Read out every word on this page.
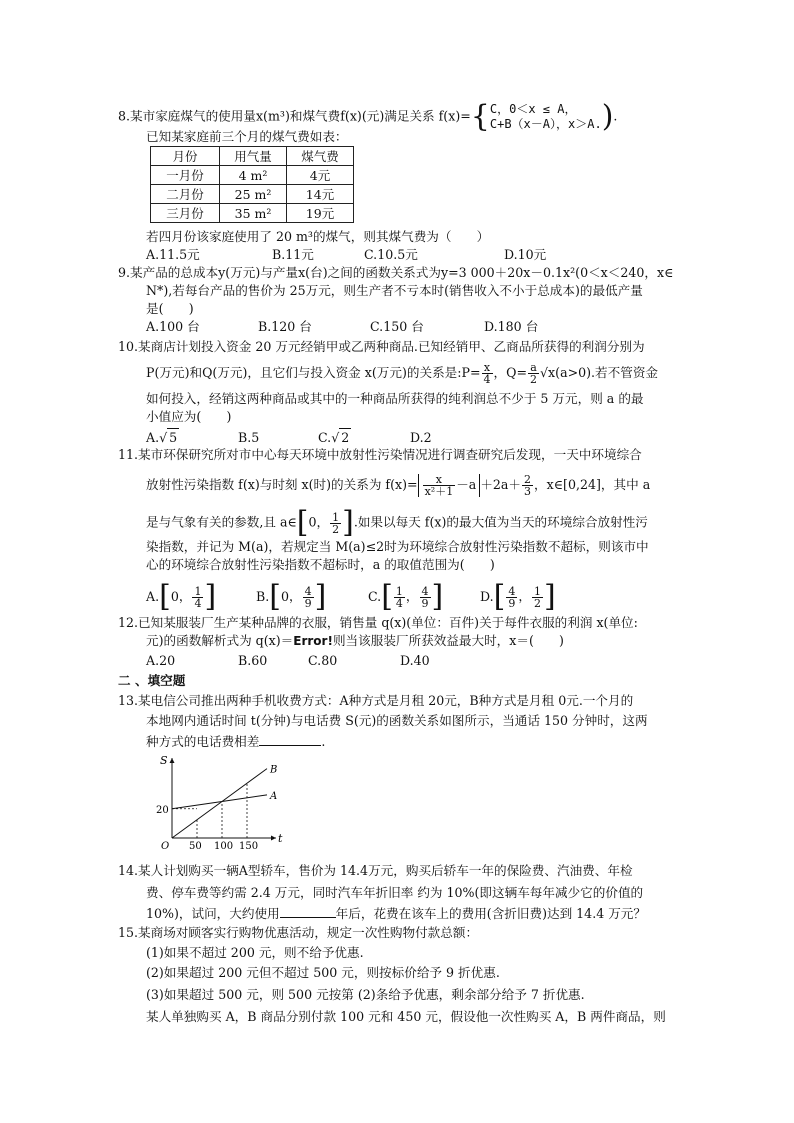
8.某市家庭煤气的使用量x(m³)和煤气费f(x)(元)满足关系 f(x)={ C，0＜x ≤ A，
C+B（x－A），x＞A. ).
已知某家庭前三个月的煤气费如表：
月份	用气量	煤气费
一月份	4 m²	4元
二月份	25 m²	14元
三月份	35 m²	19元
若四月份该家庭使用了 20 m³的煤气，则其煤气费为（　　）
A.11.5元	B.11元	C.10.5元	D.10元
9.某产品的总成本y(万元)与产量x(台)之间的函数关系式为y=3 000＋20x－0.1x²(0＜x＜240，x∈
N*),若每台产品的售价为 25万元，则生产者不亏本时(销售收入不小于总成本)的最低产量
是(　　)
A.100 台	B.120 台	C.150 台	D.180 台
10.某商店计划投入资金 20 万元经销甲或乙两种商品.已知经销甲、乙商品所获得的利润分别为
P(万元)和Q(万元)，且它们与投入资金 x(万元)的关系是:P= $\frac{x}{4}$ ，$Q= \frac{a}{2} √x(a>0)$.若不管资金
如何投入，经销这两种商品或其中的一种商品所获得的纯利润总不少于 5 万元，则 a 的最
小值应为(　　)
A.√ 5	B.5	C.√ 2	D.2
11.某市环保研究所对市中心每天环境中放射性污染情况进行调查研究后发现，一天中环境综合
放射性污染指数 f(x)与时刻 x(时)的关系为 $f(x)= \frac{x}{\text{x²＋1}} -a +2a+ \frac{2}{3}$ ，x∈[0,24]，其中 a
是与气象有关的参数,且 a∈[0， $\frac{1}{2}$ ].如果以每天 f(x)的最大值为当天的环境综合放射性污
染指数，并记为 M(a)，若规定当 M(a)≤2时为环境综合放射性污染指数不超标，则该市中
心的环境综合放射性污染指数不超标时，a 的取值范围为(　　)
A.[0， $\frac{1}{4}$ ]	B.[0， $\frac{4}{9}$ ]	$C.[ \frac{1}{4}$ ， $\frac{4}{9}$ ]	$D.[ \frac{4}{9}$ ， $\frac{1}{2}$ ]
12.已知某服装厂生产某种品牌的衣服，销售量 q(x)(单位：百件)关于每件衣服的利润 x(单位:
元)的函数解析式为 q(x)＝Error!则当该服装厂所获效益最大时，x＝(　　)
A.20	B.60	C.80	D.40
二 、填空题
13.某电信公司推出两种手机收费方式：A种方式是月租 20元，B种方式是月租 0元.一个月的
本地网内通话时间 t(分钟)与电话费 S(元)的函数关系如图所示，当通话 150 分钟时，这两
种方式的电话费相差	.
t
S
O
20
50 100 150
A
B
14.某人计划购买一辆A型轿车，售价为 14.4万元，购买后轿车一年的保险费、汽油费、年检
费、停车费等约需 2.4 万元，同时汽车年折旧率 约为 10%(即这辆车每年减少它的价值的
10%)，试问，大约使用	年后，花费在该车上的费用(含折旧费)达到 14.4 万元？
15.某商场对顾客实行购物优惠活动，规定一次性购物付款总额：
(1)如果不超过 200 元，则不给予优惠.
(2)如果超过 200 元但不超过 500 元，则按标价给予 9 折优惠.
(3)如果超过 500 元，则 500 元按第 (2)条给予优惠，剩余部分给予 7 折优惠.
某人单独购买 A，B 商品分别付款 100 元和 450 元，假设他一次性购买 A，B 两件商品，则
